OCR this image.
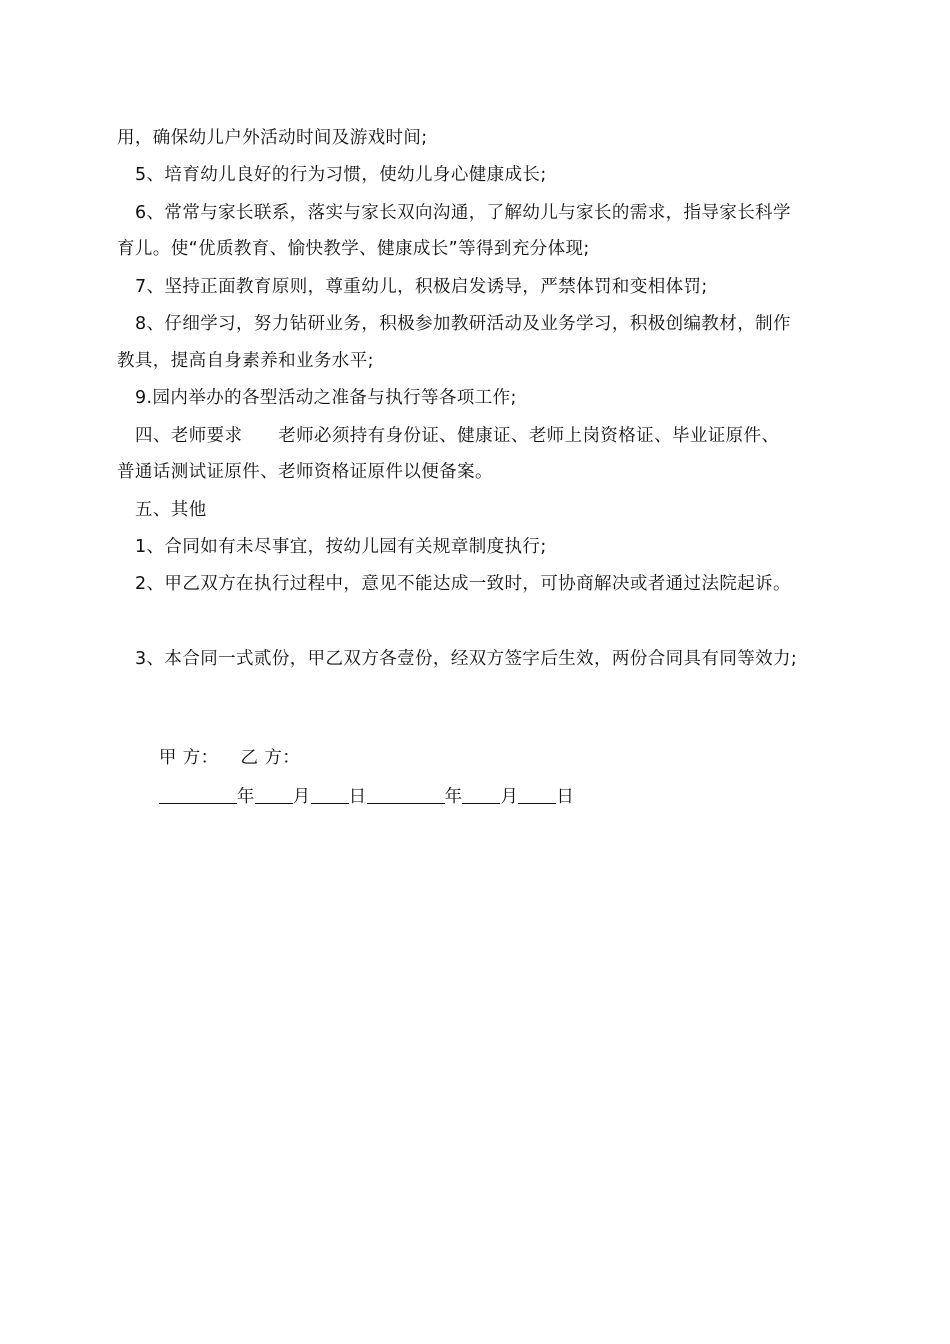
用，确保幼儿户外活动时间及游戏时间;
5、培育幼儿良好的行为习惯，使幼儿身心健康成长;
6、常常与家长联系，落实与家长双向沟通，了解幼儿与家长的需求，指导家长科学
育儿。使“优质教育、愉快教学、健康成长”等得到充分体现;
7、坚持正面教育原则，尊重幼儿，积极启发诱导，严禁体罚和变相体罚;
8、仔细学习，努力钻研业务，积极参加教研活动及业务学习，积极创编教材，制作
教具，提高自身素养和业务水平;
9.园内举办的各型活动之准备与执行等各项工作;
四、老师要求      老师必须持有身份证、健康证、老师上岗资格证、毕业证原件、
普通话测试证原件、老师资格证原件以便备案。
五、其他
1、合同如有未尽事宜，按幼儿园有关规章制度执行;
2、甲乙双方在执行过程中，意见不能达成一致时，可协商解决或者通过法院起诉。
3、本合同一式贰份，甲乙双方各壹份，经双方签字后生效，两份合同具有同等效力;

甲 方： 乙 方：

年 月 日	年 月 日
